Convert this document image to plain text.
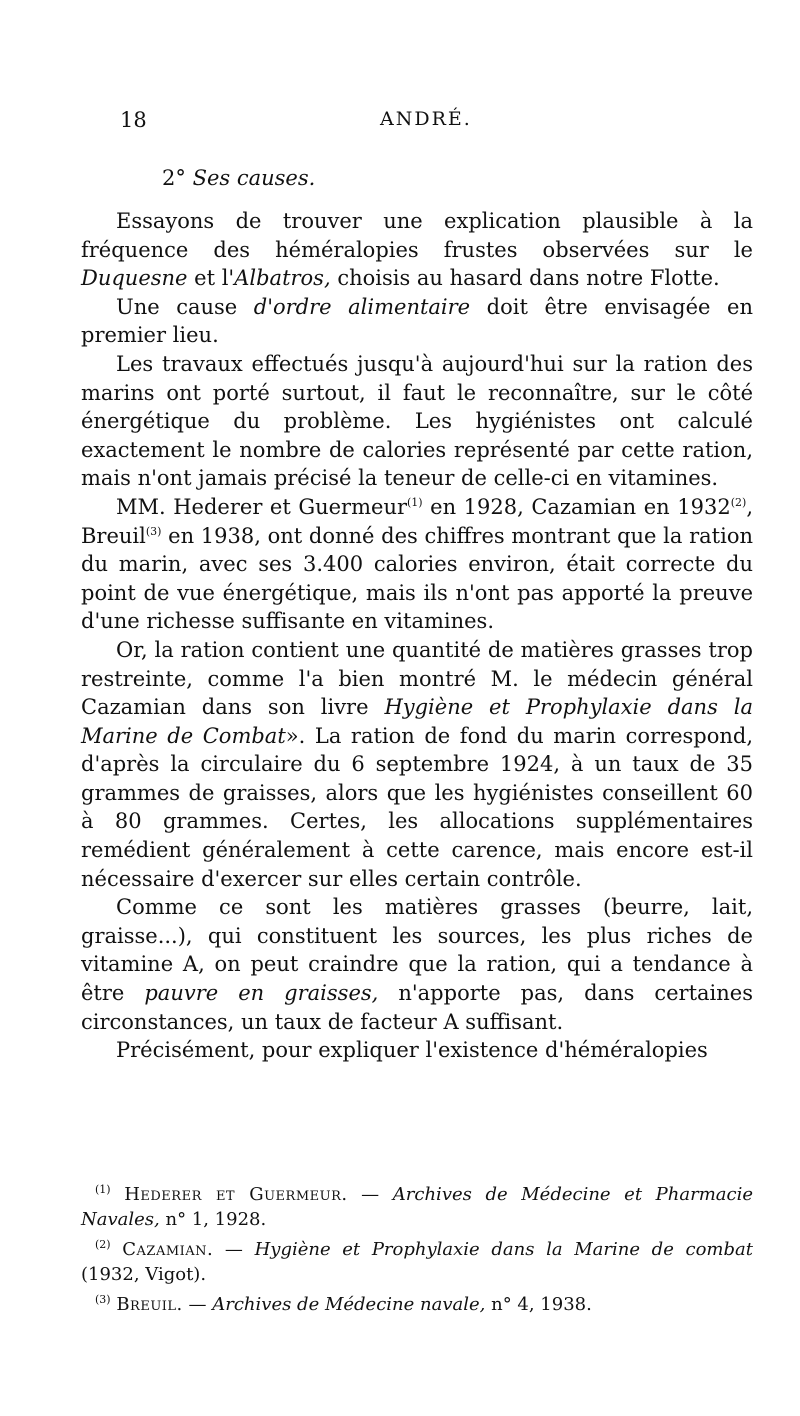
18	ANDRÉ.
2° Ses causes.

Essayons de trouver une explication plausible à la fréquence des héméralopies frustes observées sur le Duquesne et l'Albatros, choisis au hasard dans notre Flotte.

Une cause d'ordre alimentaire doit être envisagée en premier lieu.

Les travaux effectués jusqu'à aujourd'hui sur la ration des marins ont porté surtout, il faut le reconnaître, sur le côté énergétique du problème. Les hygiénistes ont calculé exactement le nombre de calories représenté par cette ration, mais n'ont jamais précisé la teneur de celle-ci en vitamines.

MM. Hederer et Guermeur$^{(1)}$ en 1928, Cazamian en 1932$^{(2)}$, Breuil$^{(3)}$ en 1938, ont donné des chiffres montrant que la ration du marin, avec ses 3.400 calories environ, était correcte du point de vue énergétique, mais ils n'ont pas apporté la preuve d'une richesse suffisante en vitamines.

Or, la ration contient une quantité de matières grasses trop restreinte, comme l'a bien montré M. le médecin général Cazamian dans son livre Hygiène et Prophylaxie dans la Marine de Combat». La ration de fond du marin correspond, d'après la circulaire du 6 septembre 1924, à un taux de 35 grammes de graisses, alors que les hygiénistes conseillent 60 à 80 grammes. Certes, les allocations supplémentaires remédient généralement à cette carence, mais encore est-il nécessaire d'exercer sur elles certain contrôle.

Comme ce sont les matières grasses (beurre, lait, graisse...), qui constituent les sources, les plus riches de vitamine A, on peut craindre que la ration, qui a tendance à être pauvre en graisses, n'apporte pas, dans certaines circonstances, un taux de facteur A suffisant.

Précisément, pour expliquer l'existence d'héméralopies

$^{(1)}$ Hederer et Guermeur. — Archives de Médecine et Pharmacie Navales, n° 1, 1928.

$^{(2)}$ Cazamian. — Hygiène et Prophylaxie dans la Marine de combat (1932, Vigot).

$^{(3)}$ Breuil. — Archives de Médecine navale, n° 4, 1938.
